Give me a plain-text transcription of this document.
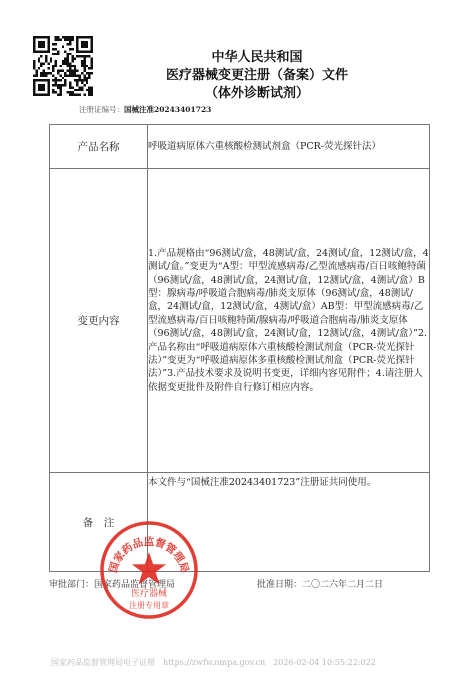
中华人民共和国
医疗器械变更注册（备案）文件
（体外诊断试剂）
注册证编号：国械注准20243401723
产品名称	呼吸道病原体六重核酸检测试剂盒（PCR-荧光探针法）
变更内容	1.产品规格由“96测试/盒，48测试/盒，24测试/盒，12测试/盒，4测试/盒。”变更为“A型：甲型流感病毒/乙型流感病毒/百日咳鲍特菌（96测试/盒，48测试/盒，24测试/盒，12测试/盒，4测试/盒）B型：腺病毒/呼吸道合胞病毒/肺炎支原体（96测试/盒，48测试/盒，24测试/盒，12测试/盒，4测试/盒）AB型：甲型流感病毒/乙型流感病毒/百日咳鲍特菌/腺病毒/呼吸道合胞病毒/肺炎支原体（96测试/盒，48测试/盒，24测试/盒，12测试/盒，4测试/盒）”2.产品名称由“呼吸道病原体六重核酸检测试剂盒（PCR-荧光探针法）”变更为“呼吸道病原体多重核酸检测试剂盒（PCR-荧光探针法）”3.产品技术要求及说明书变更，详细内容见附件；4.请注册人依据变更批件及附件自行修订相应内容。
备　注	本文件与“国械注准20243401723”注册证共同使用。
审批部门：国家药品监督管理局	批准日期：二〇二六年二月二日
国家药品监督管理局
医疗器械
注册专用章
国家药品监督管理局电子证照　https://zwfw.nmpa.gov.cn　2026-02-04 10:55:22:022
